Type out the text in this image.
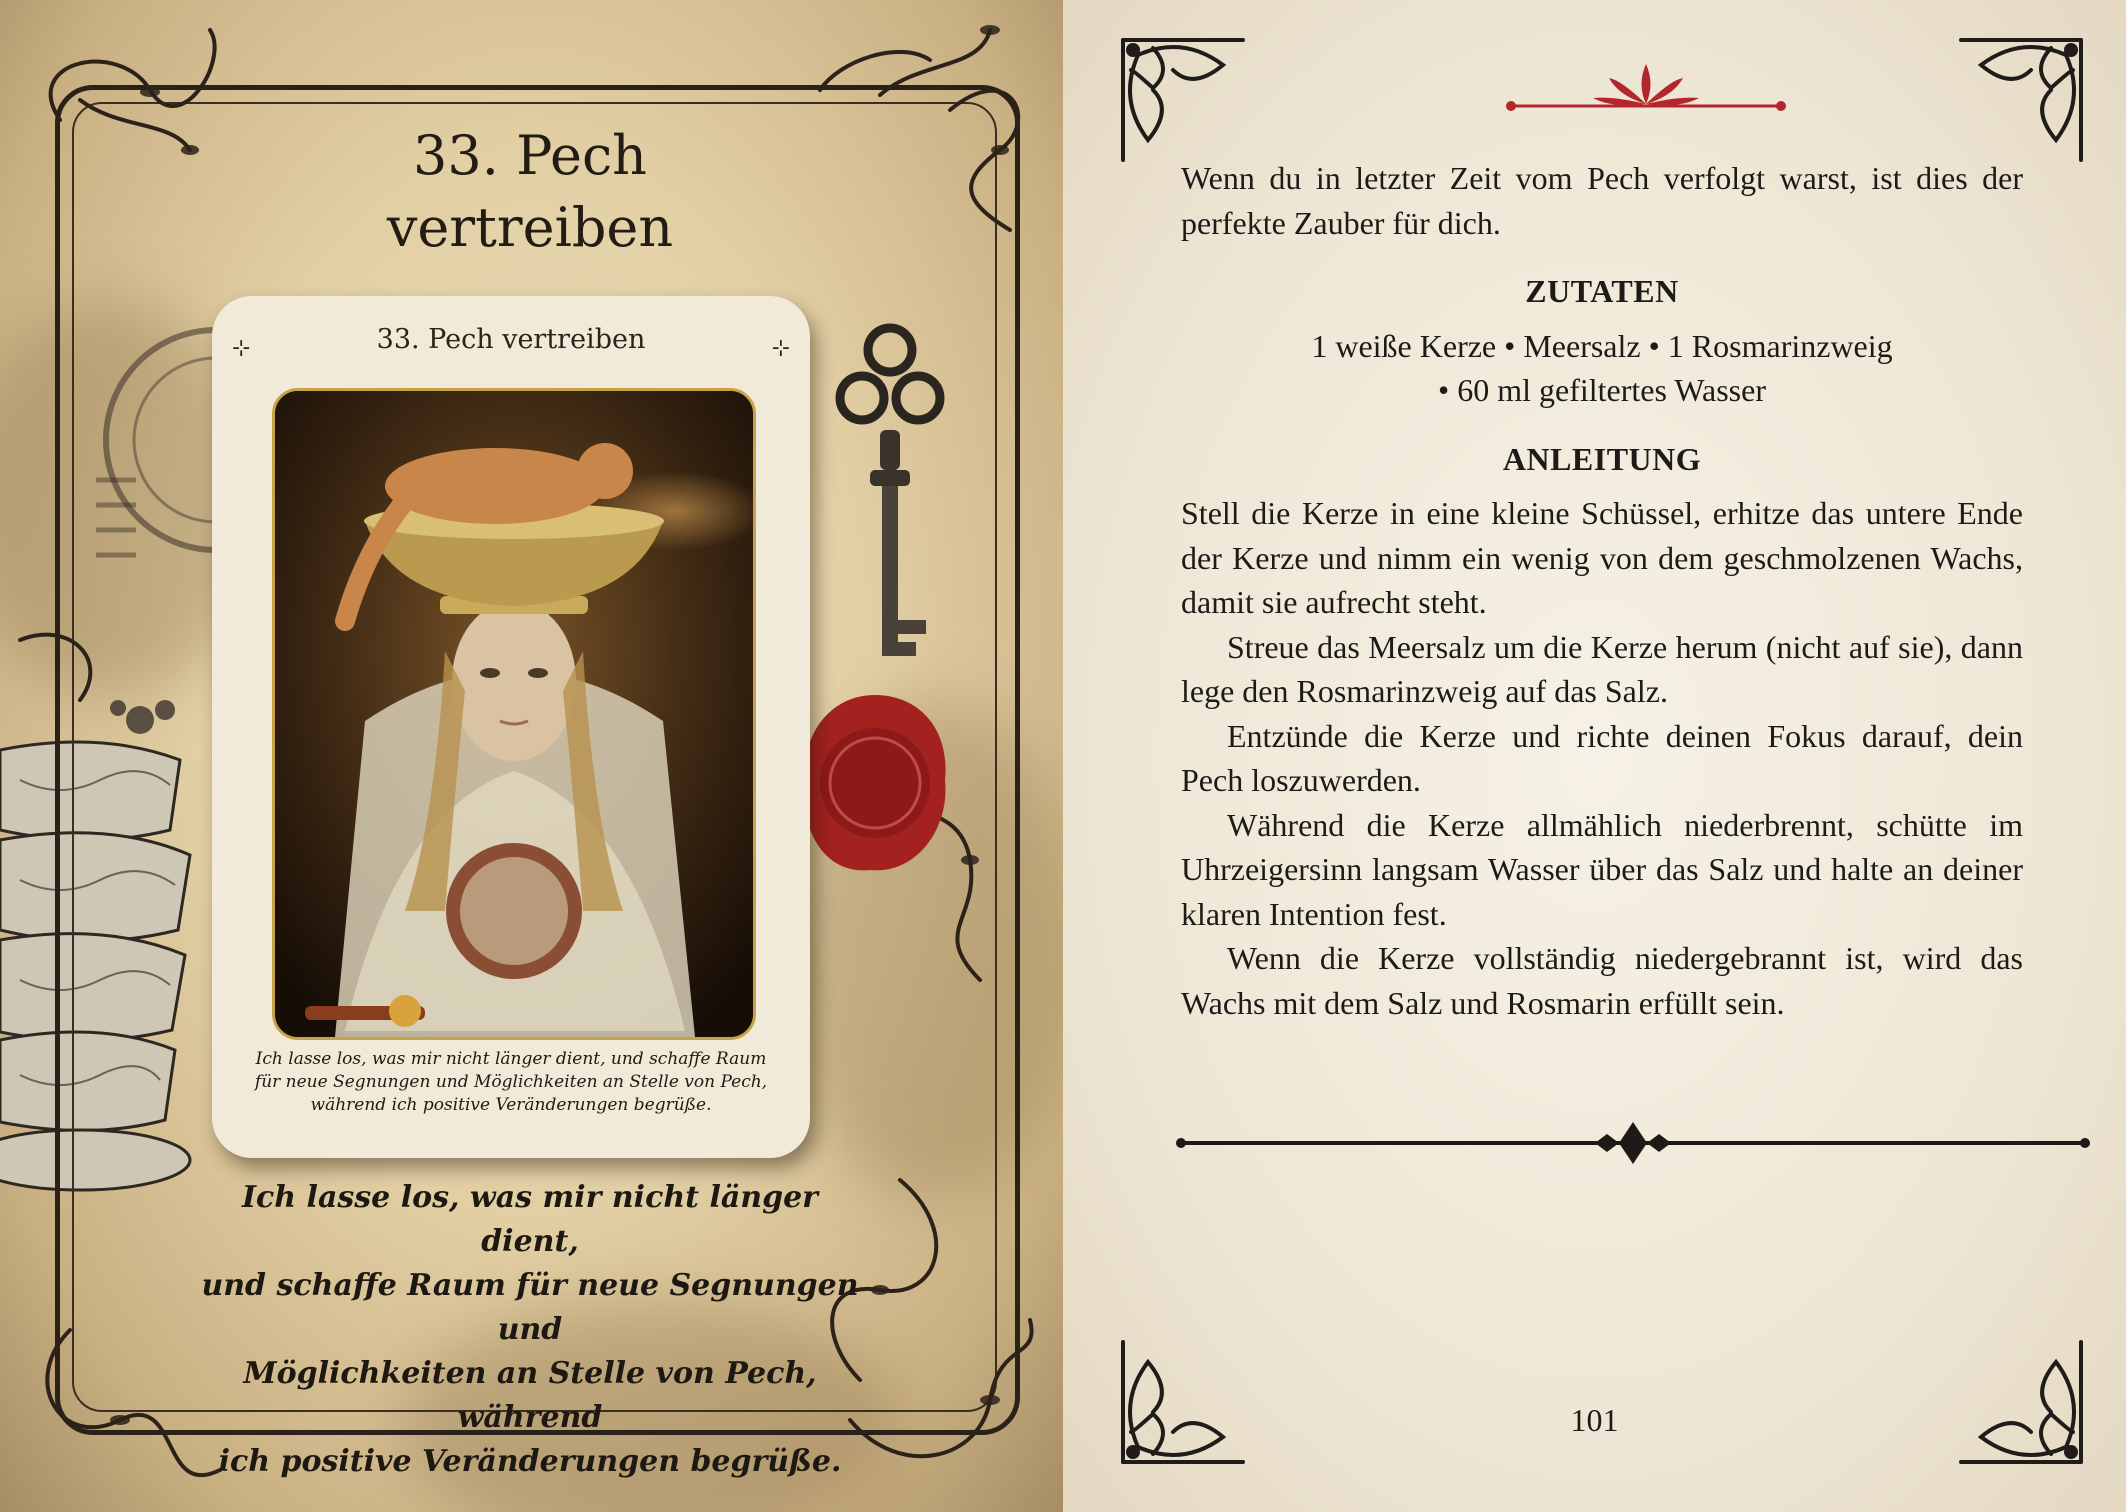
33. Pech
vertreiben
⊹	33. Pech vertreiben	⊹
Ich lasse los, was mir nicht länger dient, und schaffe Raum für neue Segnungen und Möglichkeiten an Stelle von Pech, während ich positive Veränderungen begrüße.
Ich lasse los, was mir nicht länger dient,
und schaffe Raum für neue Segnungen und
Möglichkeiten an Stelle von Pech, während
ich positive Veränderungen begrüße.

Wenn du in letzter Zeit vom Pech verfolgt warst, ist dies der perfekte Zauber für dich.

ZUTATEN

1 weiße Kerze • Meersalz • 1 Rosmarinzweig

• 60 ml gefiltertes Wasser

ANLEITUNG

Stell die Kerze in eine kleine Schüssel, erhitze das untere Ende der Kerze und nimm ein wenig von dem geschmolzenen Wachs, damit sie aufrecht steht.

Streue das Meersalz um die Kerze herum (nicht auf sie), dann lege den Rosmarinzweig auf das Salz.

Entzünde die Kerze und richte deinen Fokus darauf, dein Pech loszuwerden.

Während die Kerze allmählich niederbrennt, schütte im Uhrzeigersinn langsam Wasser über das Salz und halte an deiner klaren Intention fest.

Wenn die Kerze vollständig niedergebrannt ist, wird das Wachs mit dem Salz und Rosmarin erfüllt sein.

101
